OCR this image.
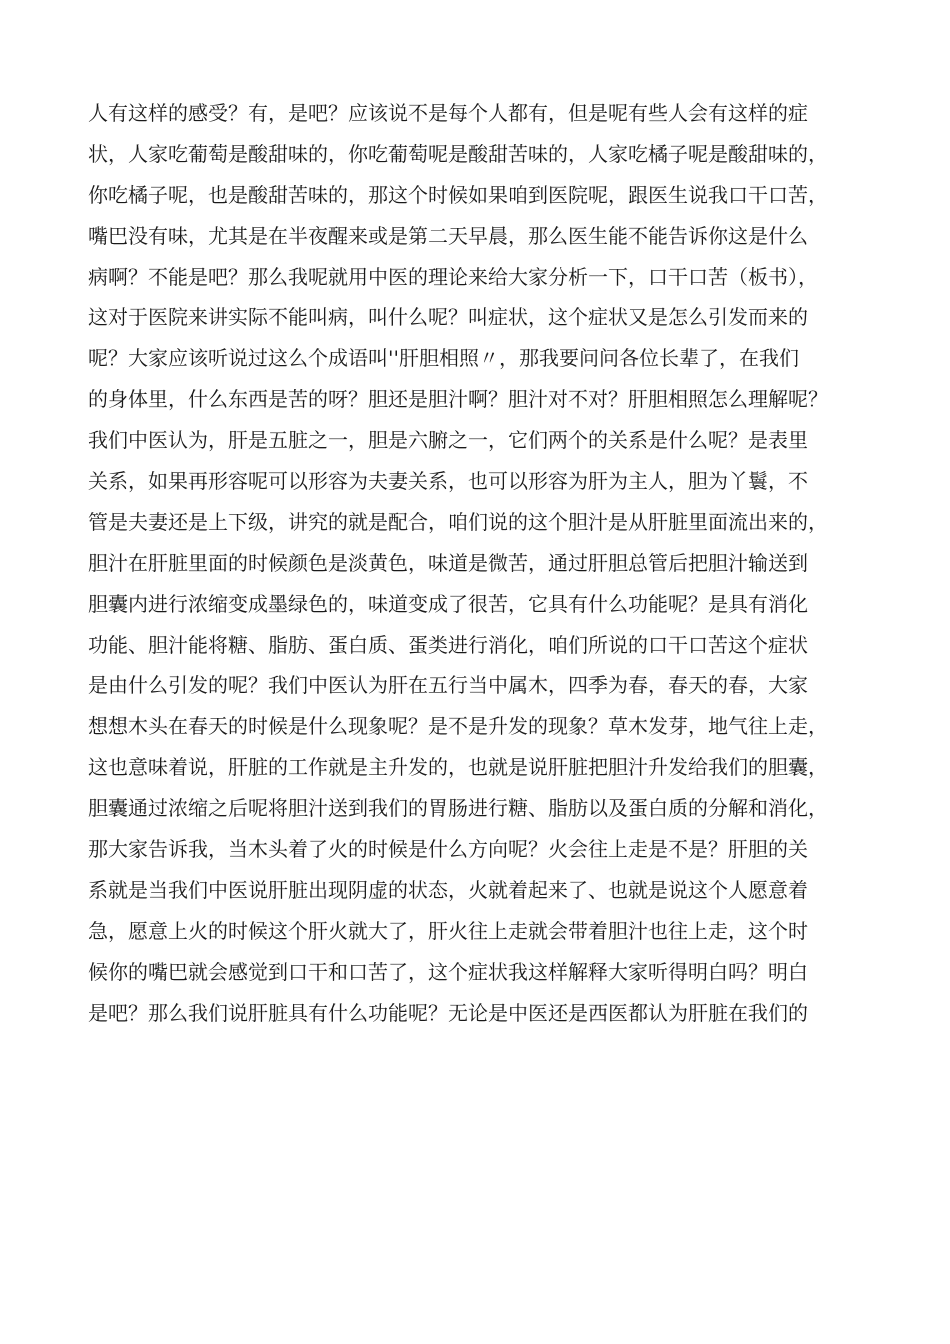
人有这样的感受？有，是吧？应该说不是每个人都有，但是呢有些人会有这样的症
状，人家吃葡萄是酸甜味的，你吃葡萄呢是酸甜苦味的，人家吃橘子呢是酸甜味的，
你吃橘子呢，也是酸甜苦味的，那这个时候如果咱到医院呢，跟医生说我口干口苦，
嘴巴没有味，尤其是在半夜醒来或是第二天早晨，那么医生能不能告诉你这是什么
病啊？不能是吧？那么我呢就用中医的理论来给大家分析一下，口干口苦（板书），
这对于医院来讲实际不能叫病，叫什么呢？叫症状，这个症状又是怎么引发而来的
呢？大家应该听说过这么个成语叫''肝胆相照〃，那我要问问各位长辈了，在我们
的身体里，什么东西是苦的呀？胆还是胆汁啊？胆汁对不对？肝胆相照怎么理解呢？
我们中医认为，肝是五脏之一，胆是六腑之一，它们两个的关系是什么呢？是表里
关系，如果再形容呢可以形容为夫妻关系，也可以形容为肝为主人，胆为丫鬟，不
管是夫妻还是上下级，讲究的就是配合，咱们说的这个胆汁是从肝脏里面流出来的，
胆汁在肝脏里面的时候颜色是淡黄色，味道是微苦，通过肝胆总管后把胆汁输送到
胆囊内进行浓缩变成墨绿色的，味道变成了很苦，它具有什么功能呢？是具有消化
功能、胆汁能将糖、脂肪、蛋白质、蛋类进行消化，咱们所说的口干口苦这个症状
是由什么引发的呢？我们中医认为肝在五行当中属木，四季为春，春天的春，大家
想想木头在春天的时候是什么现象呢？是不是升发的现象？草木发芽，地气往上走，
这也意味着说，肝脏的工作就是主升发的，也就是说肝脏把胆汁升发给我们的胆囊，
胆囊通过浓缩之后呢将胆汁送到我们的胃肠进行糖、脂肪以及蛋白质的分解和消化，
那大家告诉我，当木头着了火的时候是什么方向呢？火会往上走是不是？肝胆的关
系就是当我们中医说肝脏出现阴虚的状态，火就着起来了、也就是说这个人愿意着
急，愿意上火的时候这个肝火就大了，肝火往上走就会带着胆汁也往上走，这个时
候你的嘴巴就会感觉到口干和口苦了，这个症状我这样解释大家听得明白吗？明白
是吧？那么我们说肝脏具有什么功能呢？无论是中医还是西医都认为肝脏在我们的
